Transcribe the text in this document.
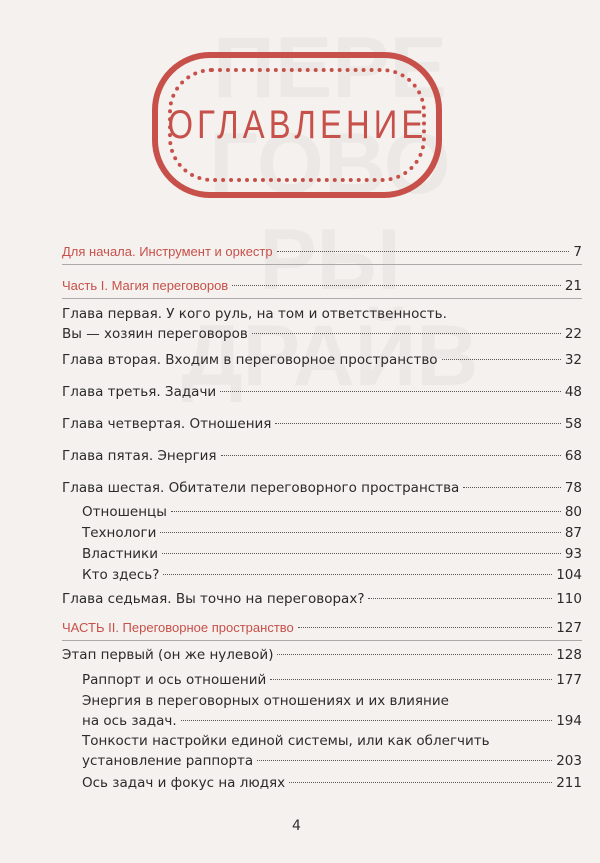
ОГЛАВЛЕНИЕ
Для начала. Инструмент и оркестр	7
Часть I. Магия переговоров	21
Глава первая. У кого руль, на том и ответственность.
Вы — хозяин переговоров	22
Глава вторая. Входим в переговорное пространство	32
Глава третья. Задачи	48
Глава четвертая. Отношения	58
Глава пятая. Энергия	68
Глава шестая. Обитатели переговорного пространства	78
Отношенцы	80
Технологи	87
Властники	93
Кто здесь?	104
Глава седьмая. Вы точно на переговорах?	110
ЧАСТЬ II. Переговорное пространство	127
Этап первый (он же нулевой)	128
Раппорт и ось отношений	177
Энергия в переговорных отношениях и их влияние
на ось задач.	194
Тонкости настройки единой системы, или как облегчить
установление раппорта	203
Ось задач и фокус на людях	211
4
